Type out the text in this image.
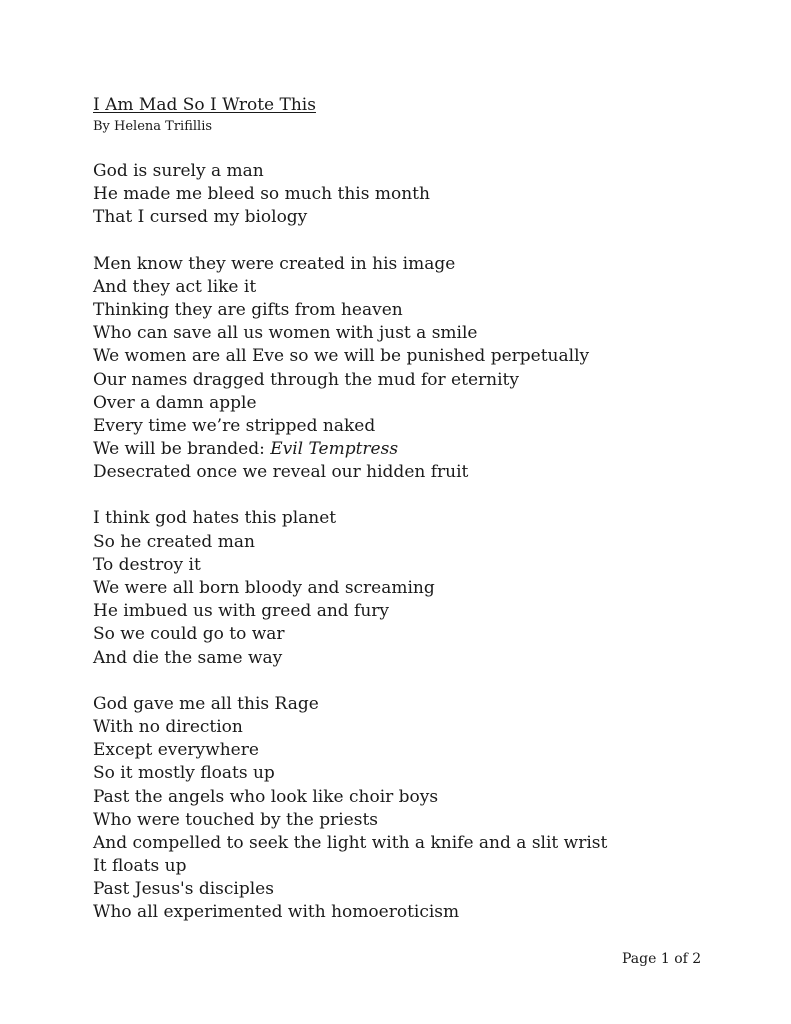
I Am Mad So I Wrote This
By Helena Trifillis
God is surely a man
He made me bleed so much this month
That I cursed my biology
Men know they were created in his image
And they act like it
Thinking they are gifts from heaven
Who can save all us women with just a smile
We women are all Eve so we will be punished perpetually
Our names dragged through the mud for eternity
Over a damn apple
Every time we’re stripped naked
We will be branded: Evil Temptress
Desecrated once we reveal our hidden fruit
I think god hates this planet
So he created man
To destroy it
We were all born bloody and screaming
He imbued us with greed and fury
So we could go to war
And die the same way
God gave me all this Rage
With no direction
Except everywhere
So it mostly floats up
Past the angels who look like choir boys
Who were touched by the priests
And compelled to seek the light with a knife and a slit wrist
It floats up
Past Jesus's disciples
Who all experimented with homoeroticism
Page 1 of 2
